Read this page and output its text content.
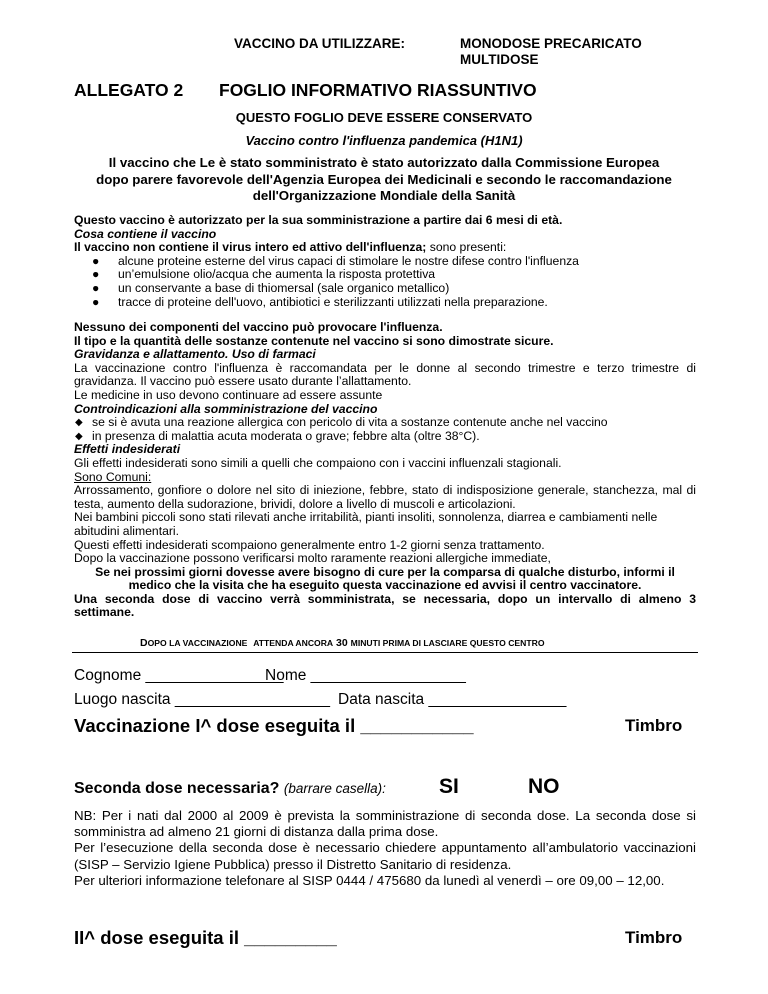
VACCINO DA UTILIZZARE:	MONODOSE PRECARICATO
MULTIDOSE
ALLEGATO 2 FOGLIO INFORMATIVO RIASSUNTIVO
QUESTO FOGLIO DEVE ESSERE CONSERVATO
Vaccino contro l'influenza pandemica (H1N1)
Il vaccino che Le è stato somministrato è stato autorizzato dalla Commissione Europea
dopo parere favorevole dell'Agenzia Europea dei Medicinali e secondo le raccomandazione
dell'Organizzazione Mondiale della Sanità

Questo vaccino è autorizzato per la sua somministrazione a partire dai 6 mesi di età.

Cosa contiene il vaccino

Il vaccino non contiene il virus intero ed attivo dell'influenza; sono presenti:

● alcune proteine esterne del virus capaci di stimolare le nostre difese contro l'influenza
● un’emulsione olio/acqua che aumenta la risposta protettiva
● un conservante a base di thiomersal (sale organico metallico)
● tracce di proteine dell'uovo, antibiotici e sterilizzanti utilizzati nella preparazione.

Nessuno dei componenti del vaccino può provocare l'influenza.

Il tipo e la quantità delle sostanze contenute nel vaccino si sono dimostrate sicure.

Gravidanza e allattamento. Uso di farmaci

La vaccinazione contro l'influenza è raccomandata per le donne al secondo trimestre e terzo trimestre di gravidanza. Il vaccino può essere usato durante l’allattamento.

Le medicine in uso devono continuare ad essere assunte

Controindicazioni alla somministrazione del vaccino

◆ se si è avuta una reazione allergica con pericolo di vita a sostanze contenute anche nel vaccino
◆ in presenza di malattia acuta moderata o grave; febbre alta (oltre 38°C).

Effetti indesiderati

Gli effetti indesiderati sono simili a quelli che compaiono con i vaccini influenzali stagionali.

Sono Comuni:

Arrossamento, gonfiore o dolore nel sito di iniezione, febbre, stato di indisposizione generale, stanchezza, mal di testa, aumento della sudorazione, brividi, dolore a livello di muscoli e articolazioni.

Nei bambini piccoli sono stati rilevati anche irritabilità, pianti insoliti, sonnolenza, diarrea e cambiamenti nelle abitudini alimentari.

Questi effetti indesiderati scompaiono generalmente entro 1-2 giorni senza trattamento.

Dopo la vaccinazione possono verificarsi molto raramente reazioni allergiche immediate,

Se nei prossimi giorni dovesse avere bisogno di cure per la comparsa di qualche disturbo, informi il

medico che la visita che ha eseguito questa vaccinazione ed avvisi il centro vaccinatore.

Una seconda dose di vaccino verrà somministrata, se necessaria, dopo un intervallo di almeno 3 settimane.

DOPO LA VACCINAZIONE ATTENDA ANCORA 30 MINUTI PRIMA DI LASCIARE QUESTO CENTRO
Cognome ________________
Nome __________________
Luogo nascita __________________ Data nascita ________________
Vaccinazione I^ dose eseguita il ___________	Timbro
Seconda dose necessaria? (barrare casella):	SI	NO

NB: Per i nati dal 2000 al 2009 è prevista la somministrazione di seconda dose. La seconda dose si somministra ad almeno 21 giorni di distanza dalla prima dose.

Per l’esecuzione della seconda dose è necessario chiedere appuntamento all’ambulatorio vaccinazioni (SISP – Servizio Igiene Pubblica) presso il Distretto Sanitario di residenza.

Per ulteriori informazione telefonare al SISP 0444 / 475680 da lunedì al venerdì – ore 09,00 – 12,00.

II^ dose eseguita il _________	Timbro
